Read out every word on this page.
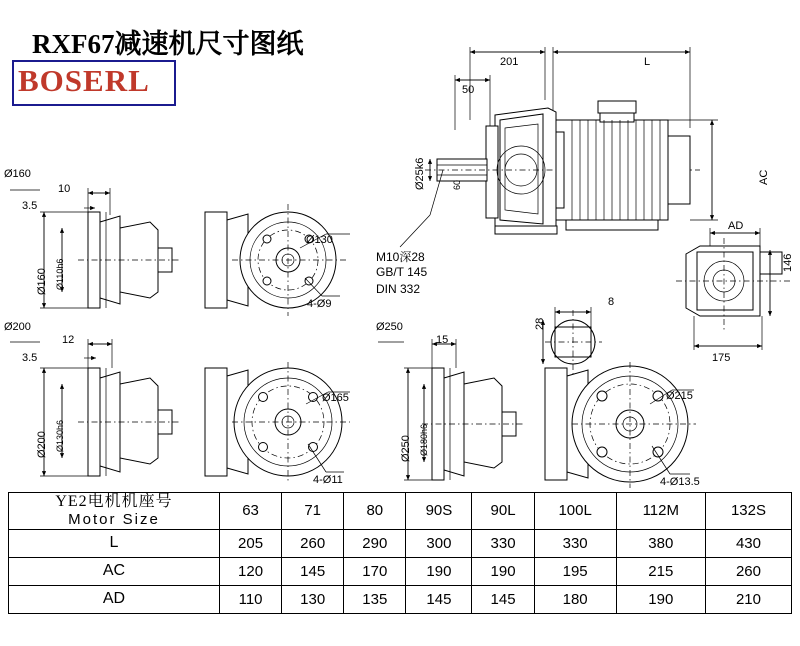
RXF67减速机尺寸图纸
BOSERL
201	L
50
Ø25k6	60	AC
M10深28
GB/T 145
DIN 332
8
28
AD
146
175
Ø160
10
3.5
Ø160 Ø110h6
Ø130
4-Ø9
Ø200
12
3.5
Ø200 Ø130h6
Ø165
4-Ø11
Ø250
15
Ø250 Ø180h6
Ø215
4-Ø13.5
YE2电机机座号
Motor Size	63	71	80	90S	90L	100L	112M	132S
L	205	260	290	300	330	330	380	430
AC	120	145	170	190	190	195	215	260
AD	110	130	135	145	145	180	190	210
